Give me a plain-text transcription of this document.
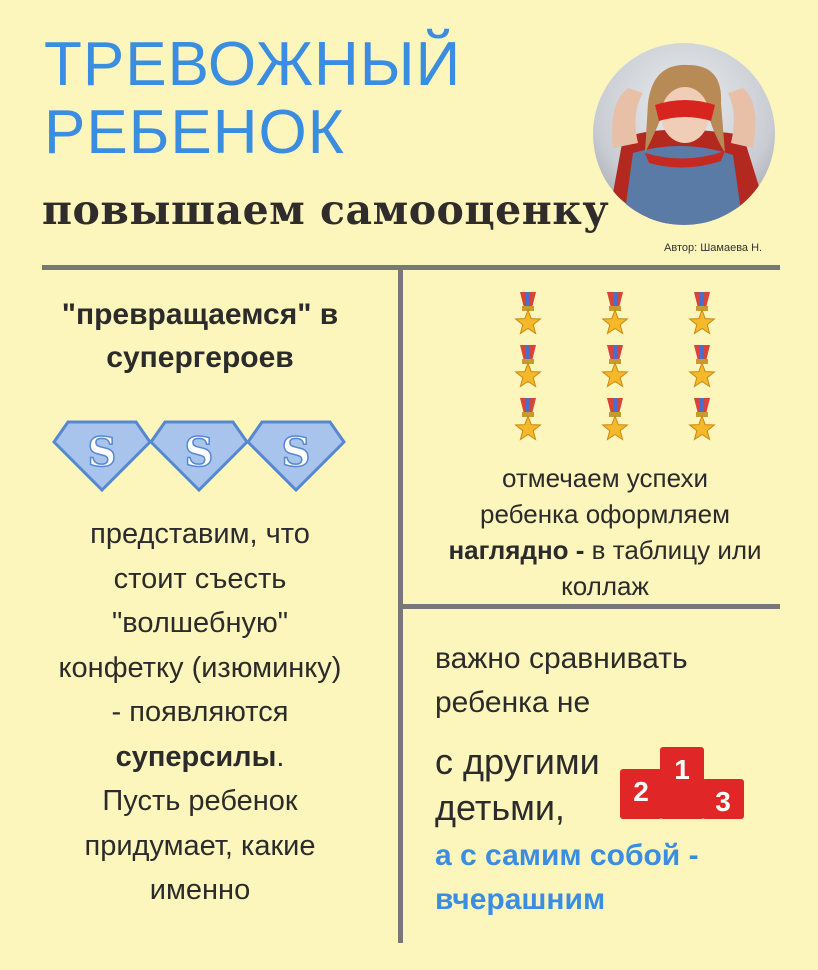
ТРЕВОЖНЫЙ
РЕБЕНОК
повышаем самооценку
Автор: Шамаева Н.
"превращаемся" в
супергероев
S S S
представим, что
стоит съесть
"волшебную"
конфетку (изюминку)
- появляются
суперсилы.
Пусть ребенок
придумает, какие
именно
отмечаем успехи
ребенка оформляем
наглядно - в таблицу или
коллаж
важно сравнивать
ребенка не
с другими
детьми,
а с самим собой -
вчерашним
1
2 3
